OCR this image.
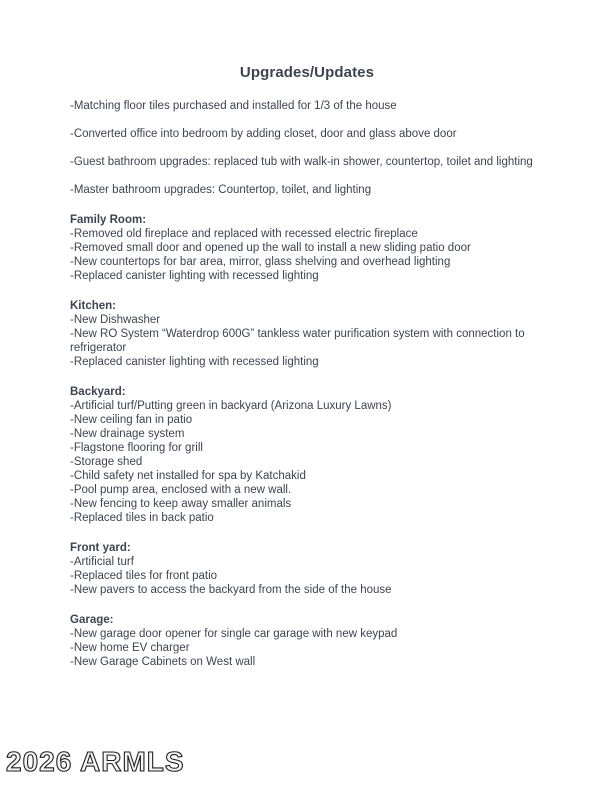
Upgrades/Updates

-Matching floor tiles purchased and installed for 1/3 of the house

-Converted office into bedroom by adding closet, door and glass above door

-Guest bathroom upgrades: replaced tub with walk-in shower, countertop, toilet and lighting

-Master bathroom upgrades: Countertop, toilet, and lighting

Family Room:

-Removed old fireplace and replaced with recessed electric fireplace

-Removed small door and opened up the wall to install a new sliding patio door

-New countertops for bar area, mirror, glass shelving and overhead lighting

-Replaced canister lighting with recessed lighting

Kitchen:

-New Dishwasher

-New RO System “Waterdrop 600G” tankless water purification system with connection to refrigerator

-Replaced canister lighting with recessed lighting

Backyard:

-Artificial turf/Putting green in backyard (Arizona Luxury Lawns)

-New ceiling fan in patio

-New drainage system

-Flagstone flooring for grill

-Storage shed

-Child safety net installed for spa by Katchakid

-Pool pump area, enclosed with a new wall.

-New fencing to keep away smaller animals

-Replaced tiles in back patio

Front yard:

-Artificial turf

-Replaced tiles for front patio

-New pavers to access the backyard from the side of the house

Garage:

-New garage door opener for single car garage with new keypad

-New home EV charger

-New Garage Cabinets on West wall

2026 ARMLS
